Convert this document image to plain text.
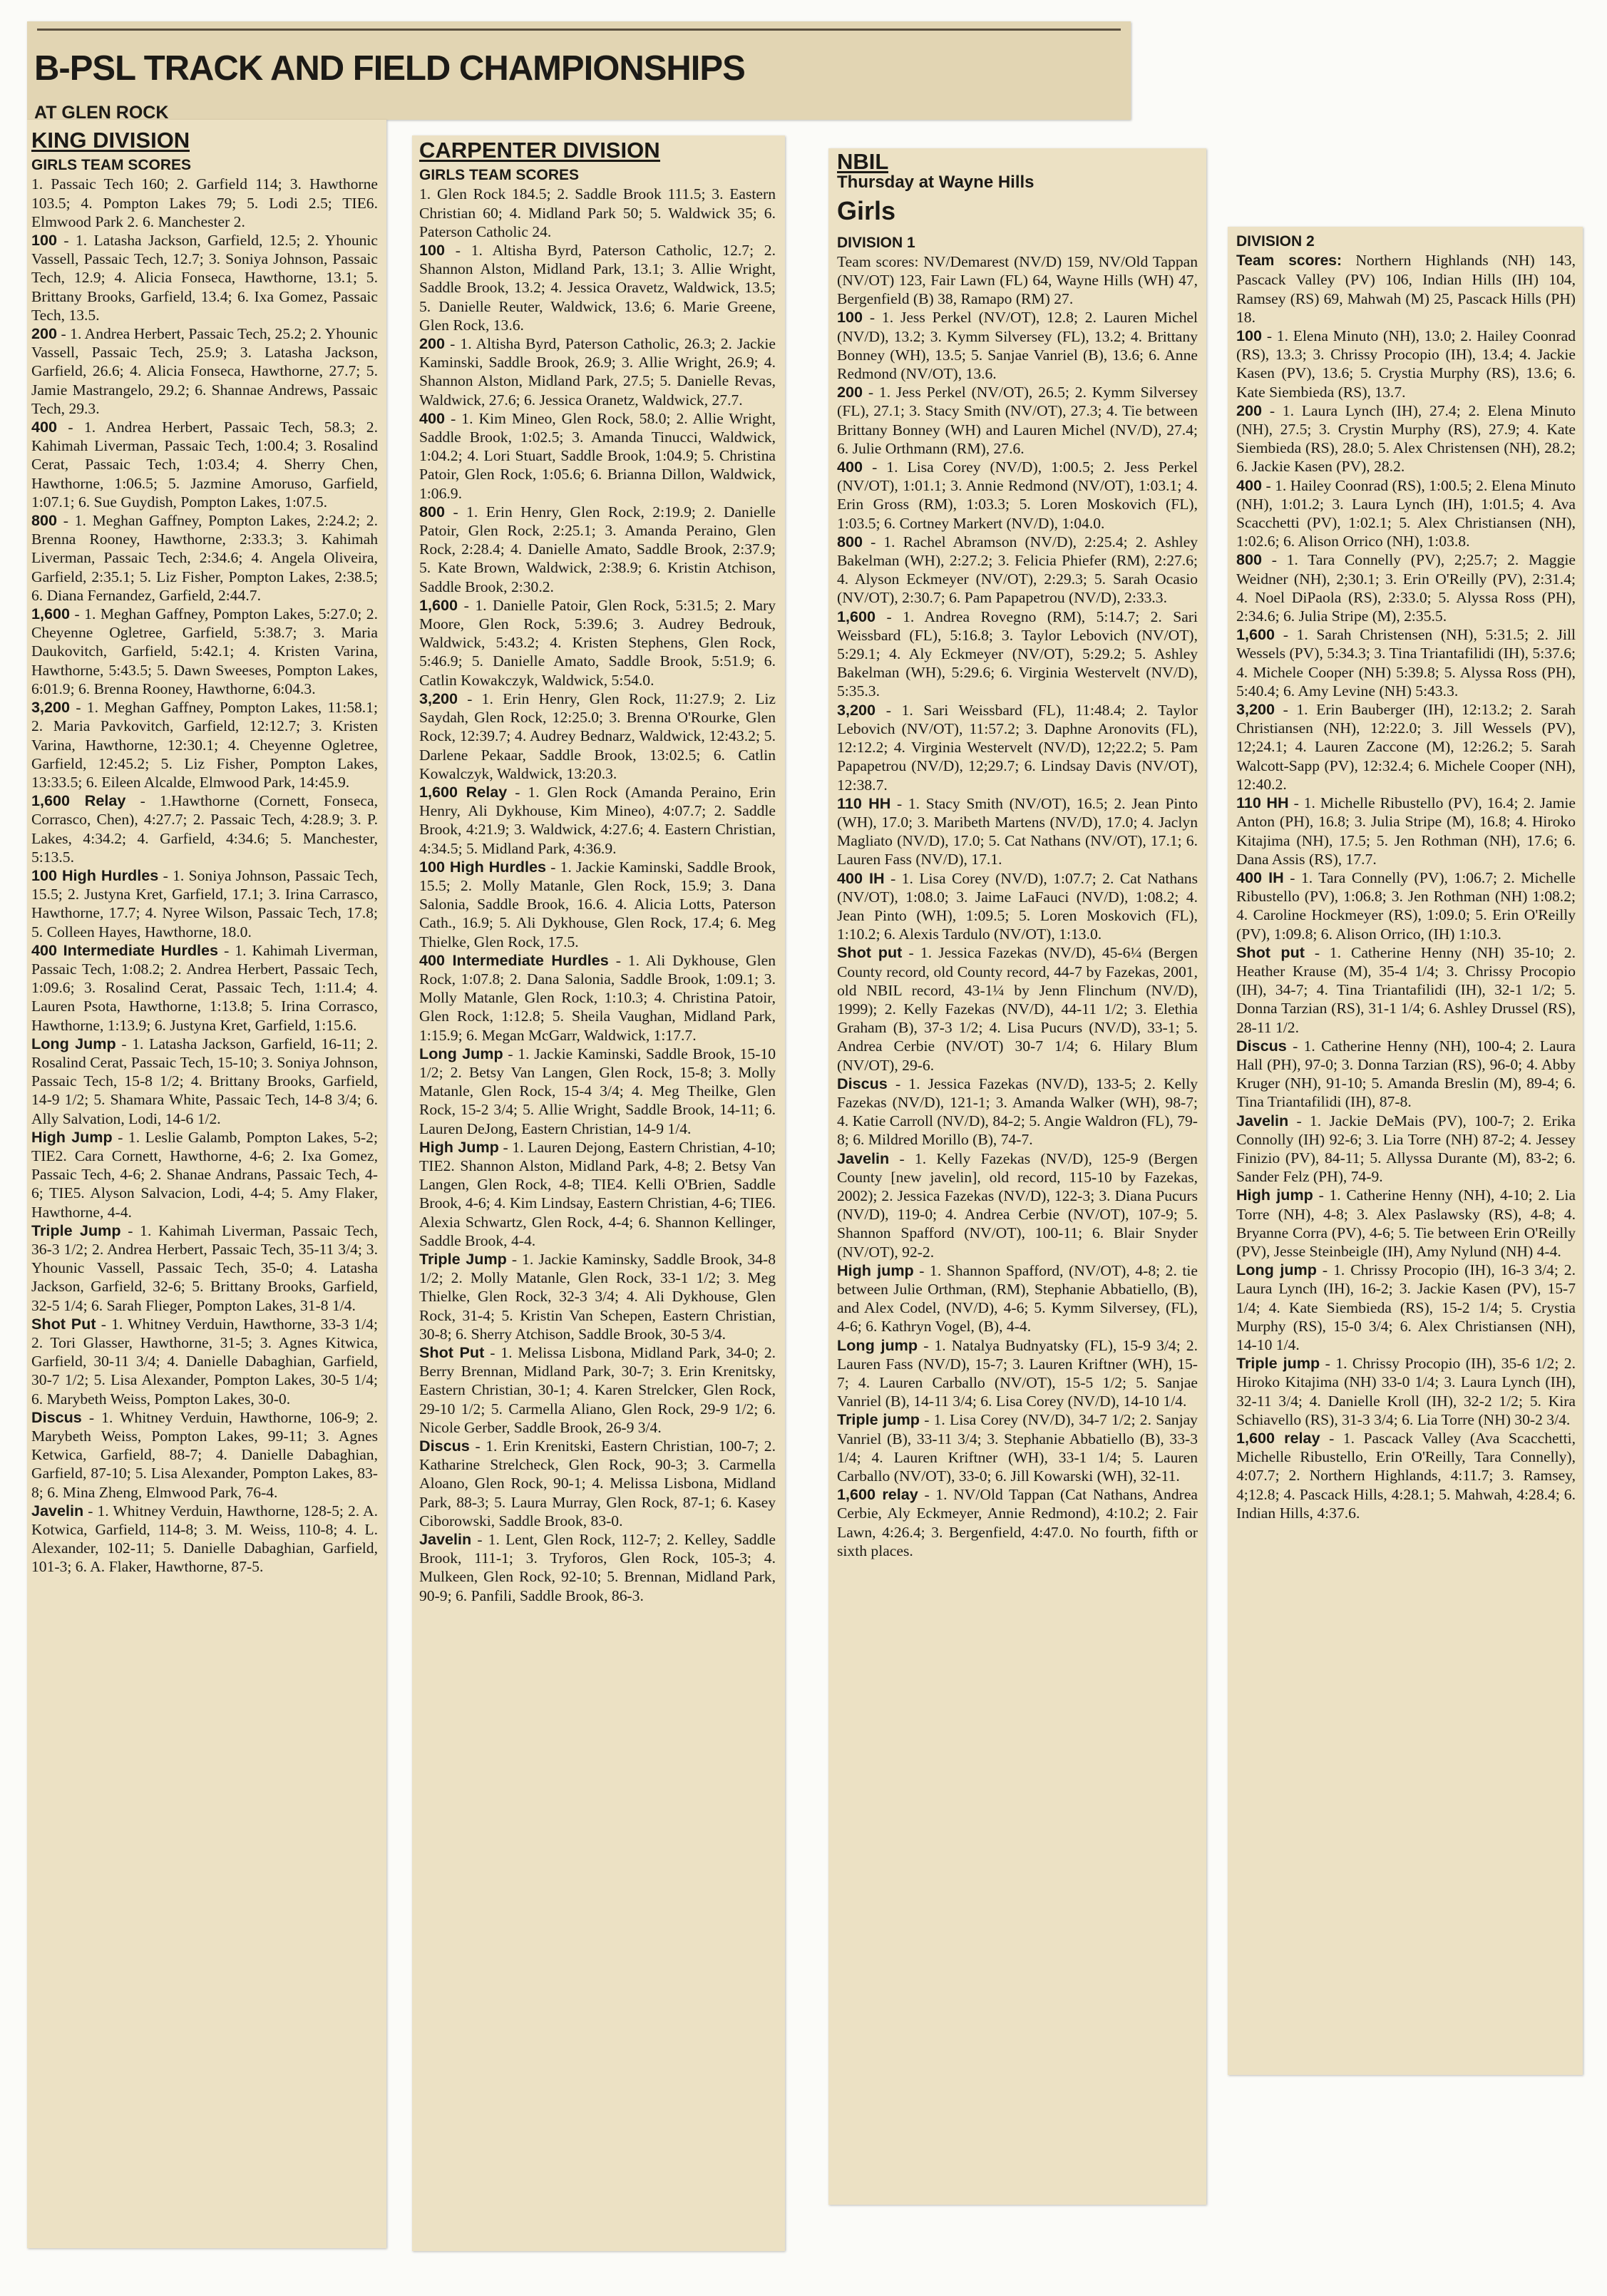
B-PSL TRACK AND FIELD CHAMPIONSHIPS
AT GLEN ROCK

KING DIVISION

GIRLS TEAM SCORES

1. Passaic Tech 160; 2. Garfield 114; 3. Hawthorne 103.5; 4. Pompton Lakes 79; 5. Lodi 2.5; TIE6. Elmwood Park 2. 6. Manchester 2.

100 - 1. Latasha Jackson, Garfield, 12.5; 2. Yhounic Vassell, Passaic Tech, 12.7; 3. Soniya Johnson, Passaic Tech, 12.9; 4. Alicia Fonseca, Hawthorne, 13.1; 5. Brittany Brooks, Garfield, 13.4; 6. Ixa Gomez, Passaic Tech, 13.5.

200 - 1. Andrea Herbert, Passaic Tech, 25.2; 2. Yhounic Vassell, Passaic Tech, 25.9; 3. Latasha Jackson, Garfield, 26.6; 4. Alicia Fonseca, Hawthorne, 27.7; 5. Jamie Mastrangelo, 29.2; 6. Shannae Andrews, Passaic Tech, 29.3.

400 - 1. Andrea Herbert, Passaic Tech, 58.3; 2. Kahimah Liverman, Passaic Tech, 1:00.4; 3. Rosalind Cerat, Passaic Tech, 1:03.4; 4. Sherry Chen, Hawthorne, 1:06.5; 5. Jazmine Amoruso, Garfield, 1:07.1; 6. Sue Guydish, Pompton Lakes, 1:07.5.

800 - 1. Meghan Gaffney, Pompton Lakes, 2:24.2; 2. Brenna Rooney, Hawthorne, 2:33.3; 3. Kahimah Liverman, Passaic Tech, 2:34.6; 4. Angela Oliveira, Garfield, 2:35.1; 5. Liz Fisher, Pompton Lakes, 2:38.5; 6. Diana Fernandez, Garfield, 2:44.7.

1,600 - 1. Meghan Gaffney, Pompton Lakes, 5:27.0; 2. Cheyenne Ogletree, Garfield, 5:38.7; 3. Maria Daukovitch, Garfield, 5:42.1; 4. Kristen Varina, Hawthorne, 5:43.5; 5. Dawn Sweeses, Pompton Lakes, 6:01.9; 6. Brenna Rooney, Hawthorne, 6:04.3.

3,200 - 1. Meghan Gaffney, Pompton Lakes, 11:58.1; 2. Maria Pavkovitch, Garfield, 12:12.7; 3. Kristen Varina, Hawthorne, 12:30.1; 4. Cheyenne Ogletree, Garfield, 12:45.2; 5. Liz Fisher, Pompton Lakes, 13:33.5; 6. Eileen Alcalde, Elmwood Park, 14:45.9.

1,600 Relay - 1.Hawthorne (Cornett, Fonseca, Corrasco, Chen), 4:27.7; 2. Passaic Tech, 4:28.9; 3. P. Lakes, 4:34.2; 4. Garfield, 4:34.6; 5. Manchester, 5:13.5.

100 High Hurdles - 1. Soniya Johnson, Passaic Tech, 15.5; 2. Justyna Kret, Garfield, 17.1; 3. Irina Carrasco, Hawthorne, 17.7; 4. Nyree Wilson, Passaic Tech, 17.8; 5. Colleen Hayes, Hawthorne, 18.0.

400 Intermediate Hurdles - 1. Kahimah Liverman, Passaic Tech, 1:08.2; 2. Andrea Herbert, Passaic Tech, 1:09.6; 3. Rosalind Cerat, Passaic Tech, 1:11.4; 4. Lauren Psota, Hawthorne, 1:13.8; 5. Irina Corrasco, Hawthorne, 1:13.9; 6. Justyna Kret, Garfield, 1:15.6.

Long Jump - 1. Latasha Jackson, Garfield, 16-11; 2. Rosalind Cerat, Passaic Tech, 15-10; 3. Soniya Johnson, Passaic Tech, 15-8 1/2; 4. Brittany Brooks, Garfield, 14-9 1/2; 5. Shamara White, Passaic Tech, 14-8 3/4; 6. Ally Salvation, Lodi, 14-6 1/2.

High Jump - 1. Leslie Galamb, Pompton Lakes, 5-2; TIE2. Cara Cornett, Hawthorne, 4-6; 2. Ixa Gomez, Passaic Tech, 4-6; 2. Shanae Andrans, Passaic Tech, 4-6; TIE5. Alyson Salvacion, Lodi, 4-4; 5. Amy Flaker, Hawthorne, 4-4.

Triple Jump - 1. Kahimah Liverman, Passaic Tech, 36-3 1/2; 2. Andrea Herbert, Passaic Tech, 35-11 3/4; 3. Yhounic Vassell, Passaic Tech, 35-0; 4. Latasha Jackson, Garfield, 32-6; 5. Brittany Brooks, Garfield, 32-5 1/4; 6. Sarah Flieger, Pompton Lakes, 31-8 1/4.

Shot Put - 1. Whitney Verduin, Hawthorne, 33-3 1/4; 2. Tori Glasser, Hawthorne, 31-5; 3. Agnes Kitwica, Garfield, 30-11 3/4; 4. Danielle Dabaghian, Garfield, 30-7 1/2; 5. Lisa Alexander, Pompton Lakes, 30-5 1/4; 6. Marybeth Weiss, Pompton Lakes, 30-0.

Discus - 1. Whitney Verduin, Hawthorne, 106-9; 2. Marybeth Weiss, Pompton Lakes, 99-11; 3. Agnes Ketwica, Garfield, 88-7; 4. Danielle Dabaghian, Garfield, 87-10; 5. Lisa Alexander, Pompton Lakes, 83-8; 6. Mina Zheng, Elmwood Park, 76-4.

Javelin - 1. Whitney Verduin, Hawthorne, 128-5; 2. A. Kotwica, Garfield, 114-8; 3. M. Weiss, 110-8; 4. L. Alexander, 102-11; 5. Danielle Dabaghian, Garfield, 101-3; 6. A. Flaker, Hawthorne, 87-5.

CARPENTER DIVISION

GIRLS TEAM SCORES

1. Glen Rock 184.5; 2. Saddle Brook 111.5; 3. Eastern Christian 60; 4. Midland Park 50; 5. Waldwick 35; 6. Paterson Catholic 24.

100 - 1. Altisha Byrd, Paterson Catholic, 12.7; 2. Shannon Alston, Midland Park, 13.1; 3. Allie Wright, Saddle Brook, 13.2; 4. Jessica Oravetz, Waldwick, 13.5; 5. Danielle Reuter, Waldwick, 13.6; 6. Marie Greene, Glen Rock, 13.6.

200 - 1. Altisha Byrd, Paterson Catholic, 26.3; 2. Jackie Kaminski, Saddle Brook, 26.9; 3. Allie Wright, 26.9; 4. Shannon Alston, Midland Park, 27.5; 5. Danielle Revas, Waldwick, 27.6; 6. Jessica Oranetz, Waldwick, 27.7.

400 - 1. Kim Mineo, Glen Rock, 58.0; 2. Allie Wright, Saddle Brook, 1:02.5; 3. Amanda Tinucci, Waldwick, 1:04.2; 4. Lori Stuart, Saddle Brook, 1:04.9; 5. Christina Patoir, Glen Rock, 1:05.6; 6. Brianna Dillon, Waldwick, 1:06.9.

800 - 1. Erin Henry, Glen Rock, 2:19.9; 2. Danielle Patoir, Glen Rock, 2:25.1; 3. Amanda Peraino, Glen Rock, 2:28.4; 4. Danielle Amato, Saddle Brook, 2:37.9; 5. Kate Brown, Waldwick, 2:38.9; 6. Kristin Atchison, Saddle Brook, 2:30.2.

1,600 - 1. Danielle Patoir, Glen Rock, 5:31.5; 2. Mary Moore, Glen Rock, 5:39.6; 3. Audrey Bedrouk, Waldwick, 5:43.2; 4. Kristen Stephens, Glen Rock, 5:46.9; 5. Danielle Amato, Saddle Brook, 5:51.9; 6. Catlin Kowakczyk, Waldwick, 5:54.0.

3,200 - 1. Erin Henry, Glen Rock, 11:27.9; 2. Liz Saydah, Glen Rock, 12:25.0; 3. Brenna O'Rourke, Glen Rock, 12:39.7; 4. Audrey Bednarz, Waldwick, 12:43.2; 5. Darlene Pekaar, Saddle Brook, 13:02.5; 6. Catlin Kowalczyk, Waldwick, 13:20.3.

1,600 Relay - 1. Glen Rock (Amanda Peraino, Erin Henry, Ali Dykhouse, Kim Mineo), 4:07.7; 2. Saddle Brook, 4:21.9; 3. Waldwick, 4:27.6; 4. Eastern Christian, 4:34.5; 5. Midland Park, 4:36.9.

100 High Hurdles - 1. Jackie Kaminski, Saddle Brook, 15.5; 2. Molly Matanle, Glen Rock, 15.9; 3. Dana Salonia, Saddle Brook, 16.6. 4. Alicia Lotts, Paterson Cath., 16.9; 5. Ali Dykhouse, Glen Rock, 17.4; 6. Meg Thielke, Glen Rock, 17.5.

400 Intermediate Hurdles - 1. Ali Dykhouse, Glen Rock, 1:07.8; 2. Dana Salonia, Saddle Brook, 1:09.1; 3. Molly Matanle, Glen Rock, 1:10.3; 4. Christina Patoir, Glen Rock, 1:12.8; 5. Sheila Vaughan, Midland Park, 1:15.9; 6. Megan McGarr, Waldwick, 1:17.7.

Long Jump - 1. Jackie Kaminski, Saddle Brook, 15-10 1/2; 2. Betsy Van Langen, Glen Rock, 15-8; 3. Molly Matanle, Glen Rock, 15-4 3/4; 4. Meg Theilke, Glen Rock, 15-2 3/4; 5. Allie Wright, Saddle Brook, 14-11; 6. Lauren DeJong, Eastern Christian, 14-9 1/4.

High Jump - 1. Lauren Dejong, Eastern Christian, 4-10; TIE2. Shannon Alston, Midland Park, 4-8; 2. Betsy Van Langen, Glen Rock, 4-8; TIE4. Kelli O'Brien, Saddle Brook, 4-6; 4. Kim Lindsay, Eastern Christian, 4-6; TIE6. Alexia Schwartz, Glen Rock, 4-4; 6. Shannon Kellinger, Saddle Brook, 4-4.

Triple Jump - 1. Jackie Kaminsky, Saddle Brook, 34-8 1/2; 2. Molly Matanle, Glen Rock, 33-1 1/2; 3. Meg Thielke, Glen Rock, 32-3 3/4; 4. Ali Dykhouse, Glen Rock, 31-4; 5. Kristin Van Schepen, Eastern Christian, 30-8; 6. Sherry Atchison, Saddle Brook, 30-5 3/4.

Shot Put - 1. Melissa Lisbona, Midland Park, 34-0; 2. Berry Brennan, Midland Park, 30-7; 3. Erin Krenitsky, Eastern Christian, 30-1; 4. Karen Strelcker, Glen Rock, 29-10 1/2; 5. Carmella Aliano, Glen Rock, 29-9 1/2; 6. Nicole Gerber, Saddle Brook, 26-9 3/4.

Discus - 1. Erin Krenitski, Eastern Christian, 100-7; 2. Katharine Strelcheck, Glen Rock, 90-3; 3. Carmella Aloano, Glen Rock, 90-1; 4. Melissa Lisbona, Midland Park, 88-3; 5. Laura Murray, Glen Rock, 87-1; 6. Kasey Ciborowski, Saddle Brook, 83-0.

Javelin - 1. Lent, Glen Rock, 112-7; 2. Kelley, Saddle Brook, 111-1; 3. Tryforos, Glen Rock, 105-3; 4. Mulkeen, Glen Rock, 92-10; 5. Brennan, Midland Park, 90-9; 6. Panfili, Saddle Brook, 86-3.

NBIL

Thursday at Wayne Hills

Girls

DIVISION 1

Team scores: NV/Demarest (NV/D) 159, NV/Old Tappan (NV/OT) 123, Fair Lawn (FL) 64, Wayne Hills (WH) 47, Bergenfield (B) 38, Ramapo (RM) 27.

100 - 1. Jess Perkel (NV/OT), 12.8; 2. Lauren Michel (NV/D), 13.2; 3. Kymm Silversey (FL), 13.2; 4. Brittany Bonney (WH), 13.5; 5. Sanjae Vanriel (B), 13.6; 6. Anne Redmond (NV/OT), 13.6.

200 - 1. Jess Perkel (NV/OT), 26.5; 2. Kymm Silversey (FL), 27.1; 3. Stacy Smith (NV/OT), 27.3; 4. Tie between Brittany Bonney (WH) and Lauren Michel (NV/D), 27.4; 6. Julie Orthmann (RM), 27.6.

400 - 1. Lisa Corey (NV/D), 1:00.5; 2. Jess Perkel (NV/OT), 1:01.1; 3. Annie Redmond (NV/OT), 1:03.1; 4. Erin Gross (RM), 1:03.3; 5. Loren Moskovich (FL), 1:03.5; 6. Cortney Markert (NV/D), 1:04.0.

800 - 1. Rachel Abramson (NV/D), 2:25.4; 2. Ashley Bakelman (WH), 2:27.2; 3. Felicia Phiefer (RM), 2:27.6; 4. Alyson Eckmeyer (NV/OT), 2:29.3; 5. Sarah Ocasio (NV/OT), 2:30.7; 6. Pam Papapetrou (NV/D), 2:33.3.

1,600 - 1. Andrea Rovegno (RM), 5:14.7; 2. Sari Weissbard (FL), 5:16.8; 3. Taylor Lebovich (NV/OT), 5:29.1; 4. Aly Eckmeyer (NV/OT), 5:29.2; 5. Ashley Bakelman (WH), 5:29.6; 6. Virginia Westervelt (NV/D), 5:35.3.

3,200 - 1. Sari Weissbard (FL), 11:48.4; 2. Taylor Lebovich (NV/OT), 11:57.2; 3. Daphne Aronovits (FL), 12:12.2; 4. Virginia Westervelt (NV/D), 12;22.2; 5. Pam Papapetrou (NV/D), 12;29.7; 6. Lindsay Davis (NV/OT), 12:38.7.

110 HH - 1. Stacy Smith (NV/OT), 16.5; 2. Jean Pinto (WH), 17.0; 3. Maribeth Martens (NV/D), 17.0; 4. Jaclyn Magliato (NV/D), 17.0; 5. Cat Nathans (NV/OT), 17.1; 6. Lauren Fass (NV/D), 17.1.

400 IH - 1. Lisa Corey (NV/D), 1:07.7; 2. Cat Nathans (NV/OT), 1:08.0; 3. Jaime LaFauci (NV/D), 1:08.2; 4. Jean Pinto (WH), 1:09.5; 5. Loren Moskovich (FL), 1:10.2; 6. Alexis Tardulo (NV/OT), 1:13.0.

Shot put - 1. Jessica Fazekas (NV/D), 45-6¼ (Bergen County record, old County record, 44-7 by Fazekas, 2001, old NBIL record, 43-1¼ by Jenn Flinchum (NV/D), 1999); 2. Kelly Fazekas (NV/D), 44-11 1/2; 3. Elethia Graham (B), 37-3 1/2; 4. Lisa Pucurs (NV/D), 33-1; 5. Andrea Cerbie (NV/OT) 30-7 1/4; 6. Hilary Blum (NV/OT), 29-6.

Discus - 1. Jessica Fazekas (NV/D), 133-5; 2. Kelly Fazekas (NV/D), 121-1; 3. Amanda Walker (WH), 98-7; 4. Katie Carroll (NV/D), 84-2; 5. Angie Waldron (FL), 79-8; 6. Mildred Morillo (B), 74-7.

Javelin - 1. Kelly Fazekas (NV/D), 125-9 (Bergen County [new javelin], old record, 115-10 by Fazekas, 2002); 2. Jessica Fazekas (NV/D), 122-3; 3. Diana Pucurs (NV/D), 119-0; 4. Andrea Cerbie (NV/OT), 107-9; 5. Shannon Spafford (NV/OT), 100-11; 6. Blair Snyder (NV/OT), 92-2.

High jump - 1. Shannon Spafford, (NV/OT), 4-8; 2. tie between Julie Orthman, (RM), Stephanie Abbatiello, (B), and Alex Codel, (NV/D), 4-6; 5. Kymm Silversey, (FL), 4-6; 6. Kathryn Vogel, (B), 4-4.

Long jump - 1. Natalya Budnyatsky (FL), 15-9 3/4; 2. Lauren Fass (NV/D), 15-7; 3. Lauren Kriftner (WH), 15-7; 4. Lauren Carballo (NV/OT), 15-5 1/2; 5. Sanjae Vanriel (B), 14-11 3/4; 6. Lisa Corey (NV/D), 14-10 1/4.

Triple jump - 1. Lisa Corey (NV/D), 34-7 1/2; 2. Sanjay Vanriel (B), 33-11 3/4; 3. Stephanie Abbatiello (B), 33-3 1/4; 4. Lauren Kriftner (WH), 33-1 1/4; 5. Lauren Carballo (NV/OT), 33-0; 6. Jill Kowarski (WH), 32-11.

1,600 relay - 1. NV/Old Tappan (Cat Nathans, Andrea Cerbie, Aly Eckmeyer, Annie Redmond), 4:10.2; 2. Fair Lawn, 4:26.4; 3. Bergenfield, 4:47.0. No fourth, fifth or sixth places.

DIVISION 2

Team scores: Northern Highlands (NH) 143, Pascack Valley (PV) 106, Indian Hills (IH) 104, Ramsey (RS) 69, Mahwah (M) 25, Pascack Hills (PH) 18.

100 - 1. Elena Minuto (NH), 13.0; 2. Hailey Coonrad (RS), 13.3; 3. Chrissy Procopio (IH), 13.4; 4. Jackie Kasen (PV), 13.6; 5. Crystia Murphy (RS), 13.6; 6. Kate Siembieda (RS), 13.7.

200 - 1. Laura Lynch (IH), 27.4; 2. Elena Minuto (NH), 27.5; 3. Crystin Murphy (RS), 27.9; 4. Kate Siembieda (RS), 28.0; 5. Alex Christensen (NH), 28.2; 6. Jackie Kasen (PV), 28.2.

400 - 1. Hailey Coonrad (RS), 1:00.5; 2. Elena Minuto (NH), 1:01.2; 3. Laura Lynch (IH), 1:01.5; 4. Ava Scacchetti (PV), 1:02.1; 5. Alex Christiansen (NH), 1:02.6; 6. Alison Orrico (NH), 1:03.8.

800 - 1. Tara Connelly (PV), 2;25.7; 2. Maggie Weidner (NH), 2;30.1; 3. Erin O'Reilly (PV), 2:31.4; 4. Noel DiPaola (RS), 2:33.0; 5. Alyssa Ross (PH), 2:34.6; 6. Julia Stripe (M), 2:35.5.

1,600 - 1. Sarah Christensen (NH), 5:31.5; 2. Jill Wessels (PV), 5:34.3; 3. Tina Triantafilidi (IH), 5:37.6; 4. Michele Cooper (NH) 5:39.8; 5. Alyssa Ross (PH), 5:40.4; 6. Amy Levine (NH) 5:43.3.

3,200 - 1. Erin Bauberger (IH), 12:13.2; 2. Sarah Christiansen (NH), 12:22.0; 3. Jill Wessels (PV), 12;24.1; 4. Lauren Zaccone (M), 12:26.2; 5. Sarah Walcott-Sapp (PV), 12:32.4; 6. Michele Cooper (NH), 12:40.2.

110 HH - 1. Michelle Ribustello (PV), 16.4; 2. Jamie Anton (PH), 16.8; 3. Julia Stripe (M), 16.8; 4. Hiroko Kitajima (NH), 17.5; 5. Jen Rothman (NH), 17.6; 6. Dana Assis (RS), 17.7.

400 IH - 1. Tara Connelly (PV), 1:06.7; 2. Michelle Ribustello (PV), 1:06.8; 3. Jen Rothman (NH) 1:08.2; 4. Caroline Hockmeyer (RS), 1:09.0; 5. Erin O'Reilly (PV), 1:09.8; 6. Alison Orrico, (IH) 1:10.3.

Shot put - 1. Catherine Henny (NH) 35-10; 2. Heather Krause (M), 35-4 1/4; 3. Chrissy Procopio (IH), 34-7; 4. Tina Triantafilidi (IH), 32-1 1/2; 5. Donna Tarzian (RS), 31-1 1/4; 6. Ashley Drussel (RS), 28-11 1/2.

Discus - 1. Catherine Henny (NH), 100-4; 2. Laura Hall (PH), 97-0; 3. Donna Tarzian (RS), 96-0; 4. Abby Kruger (NH), 91-10; 5. Amanda Breslin (M), 89-4; 6. Tina Triantafilidi (IH), 87-8.

Javelin - 1. Jackie DeMais (PV), 100-7; 2. Erika Connolly (IH) 92-6; 3. Lia Torre (NH) 87-2; 4. Jessey Finizio (PV), 84-11; 5. Allyssa Durante (M), 83-2; 6. Sander Felz (PH), 74-9.

High jump - 1. Catherine Henny (NH), 4-10; 2. Lia Torre (NH), 4-8; 3. Alex Paslawsky (RS), 4-8; 4. Bryanne Corra (PV), 4-6; 5. Tie between Erin O'Reilly (PV), Jesse Steinbeigle (IH), Amy Nylund (NH) 4-4.

Long jump - 1. Chrissy Procopio (IH), 16-3 3/4; 2. Laura Lynch (IH), 16-2; 3. Jackie Kasen (PV), 15-7 1/4; 4. Kate Siembieda (RS), 15-2 1/4; 5. Crystia Murphy (RS), 15-0 3/4; 6. Alex Christiansen (NH), 14-10 1/4.

Triple jump - 1. Chrissy Procopio (IH), 35-6 1/2; 2. Hiroko Kitajima (NH) 33-0 1/4; 3. Laura Lynch (IH), 32-11 3/4; 4. Danielle Kroll (IH), 32-2 1/2; 5. Kira Schiavello (RS), 31-3 3/4; 6. Lia Torre (NH) 30-2 3/4.

1,600 relay - 1. Pascack Valley (Ava Scacchetti, Michelle Ribustello, Erin O'Reilly, Tara Connelly), 4:07.7; 2. Northern Highlands, 4:11.7; 3. Ramsey, 4;12.8; 4. Pascack Hills, 4:28.1; 5. Mahwah, 4:28.4; 6. Indian Hills, 4:37.6.
